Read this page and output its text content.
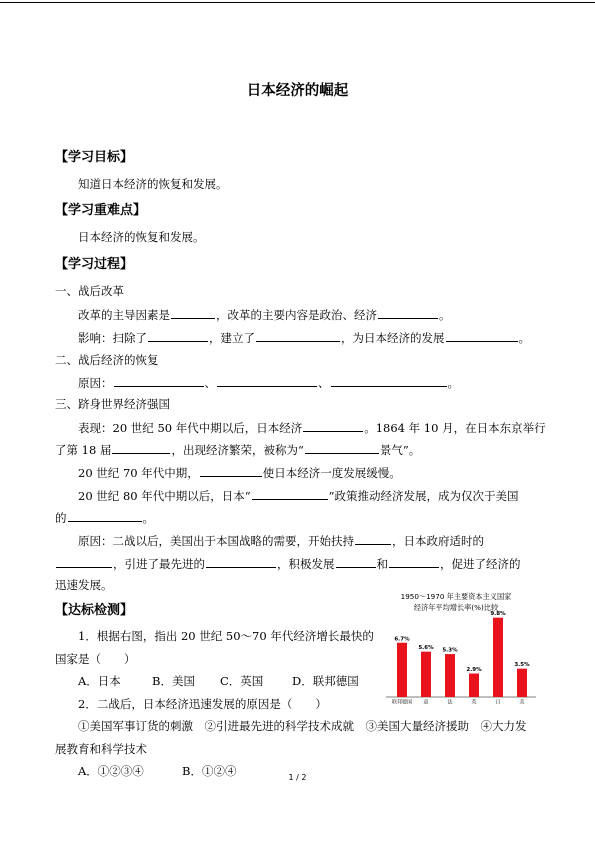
日本经济的崛起
【学习目标】
知道日本经济的恢复和发展。
【学习重难点】
日本经济的恢复和发展。
【学习过程】
一、战后改革
改革的主导因素是	，改革的主要内容是政治、经济	。
影响：扫除了	，建立了	，为日本经济的发展	。
二、战后经济的恢复
原因：	、	、	。
三、跻身世界经济强国
表现：20 世纪 50 年代中期以后，日本经济	。1864 年 10 月，在日本东京举行
了第 18 届	，出现经济繁荣，被称为“	景气”。
20 世纪 70 年代中期，	使日本经济一度发展缓慢。
20 世纪 80 年代中期以后，日本“	”政策推动经济发展，成为仅次于美国
的	。
原因：二战以后，美国出于本国战略的需要，开始扶持	，日本政府适时的
，引进了最先进的	，积极发展	和	，促进了经济的
迅速发展。
【达标检测】
1．根据右图，指出 20 世纪 50～70 年代经济增长最快的
国家是（　　）
A．日本	B．美国 C．英国 D．联邦德国
2．二战后，日本经济迅速发展的原因是（　　）
①美国军事订货的刺激　②引进最先进的科学技术成就　③美国大量经济援助　④大力发
展教育和科学技术
A．①②③④	B．①②④
1950～1970 年主要资本主义国家
经济年平均增长率(%)比较
6.7%
联邦德国
5.6%
意
5.3%
法
2.9%
英
9.8%
日
3.5%
美
1 / 2
